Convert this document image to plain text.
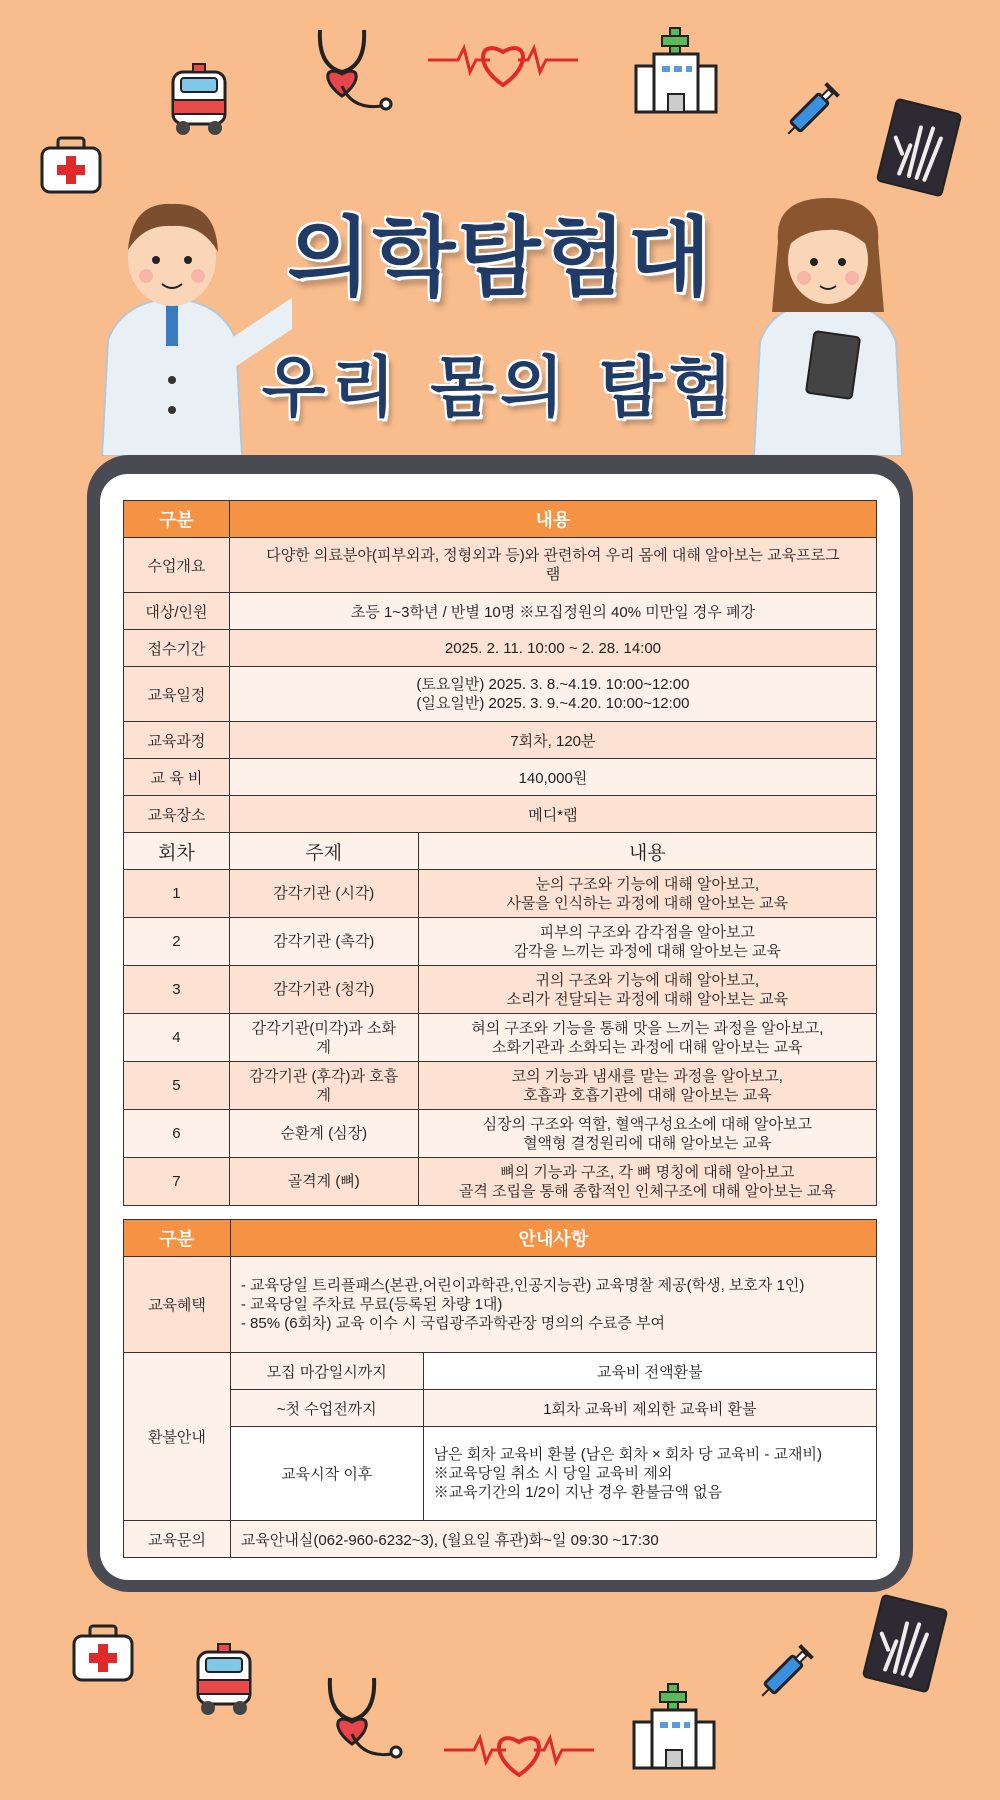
의학탐험대
우리 몸의 탐험
구분	내용	
수업개요	다양한 의료분야(피부외과, 정형외과 등)와 관련하여 우리 몸에 대해 알아보는 교육프로그
램	

대상/인원	초등 1~3학년 / 반별 10명 ※모집정원의 40% 미만일 경우 폐강	
접수기간	2025. 2. 11. 10:00 ~ 2. 28. 14:00	
교육일정	(토요일반) 2025. 3. 8.~4.19. 10:00~12:00
(일요일반) 2025. 3. 9.~4.20. 10:00~12:00	

교육과정	7회차, 120분	
교 육 비	140,000원	
교육장소	메디*랩	
회차	주제	내용
1	감각기관 (시각)	눈의 구조와 기능에 대해 알아보고,
사물을 인식하는 과정에 대해 알아보는 교육

2	감각기관 (촉각)	피부의 구조와 감각점을 알아보고
감각을 느끼는 과정에 대해 알아보는 교육

3	감각기관 (청각)	귀의 구조와 기능에 대해 알아보고,
소리가 전달되는 과정에 대해 알아보는 교육

4	감각기관(미각)과 소화
계	혀의 구조와 기능을 통해 맛을 느끼는 과정을 알아보고,
소화기관과 소화되는 과정에 대해 알아보는 교육

5	감각기관 (후각)과 호흡
계	코의 기능과 냄새를 맡는 과정을 알아보고,
호흡과 호흡기관에 대해 알아보는 교육

6	순환계 (심장)	심장의 구조와 역할, 혈액구성요소에 대해 알아보고
혈액형 결정원리에 대해 알아보는 교육

7	골격계 (뼈)	뼈의 기능과 구조, 각 뼈 명칭에 대해 알아보고
골격 조립을 통해 종합적인 인체구조에 대해 알아보는 교육
구분	안내사항	
교육혜택	- 교육당일 트리플패스(본관,어린이과학관,인공지능관) 교육명찰 제공(학생, 보호자 1인)
- 교육당일 주차료 무료(등록된 차량 1대)
- 85% (6회차) 교육 이수 시 국립광주과학관장 명의의 수료증 부여	

환불안내	모집 마감일시까지	교육비 전액환불
	~첫 수업전까지	1회차 교육비 제외한 교육비 환불
	교육시작 이후	남은 회차 교육비 환불 (남은 회차 × 회차 당 교육비 - 교재비)
※교육당일 취소 시 당일 교육비 제외
※교육기간의 1/2이 지난 경우 환불금액 없음

교육문의	교육안내실(062-960-6232~3), (월요일 휴관)화~일 09:30 ~17:30	
